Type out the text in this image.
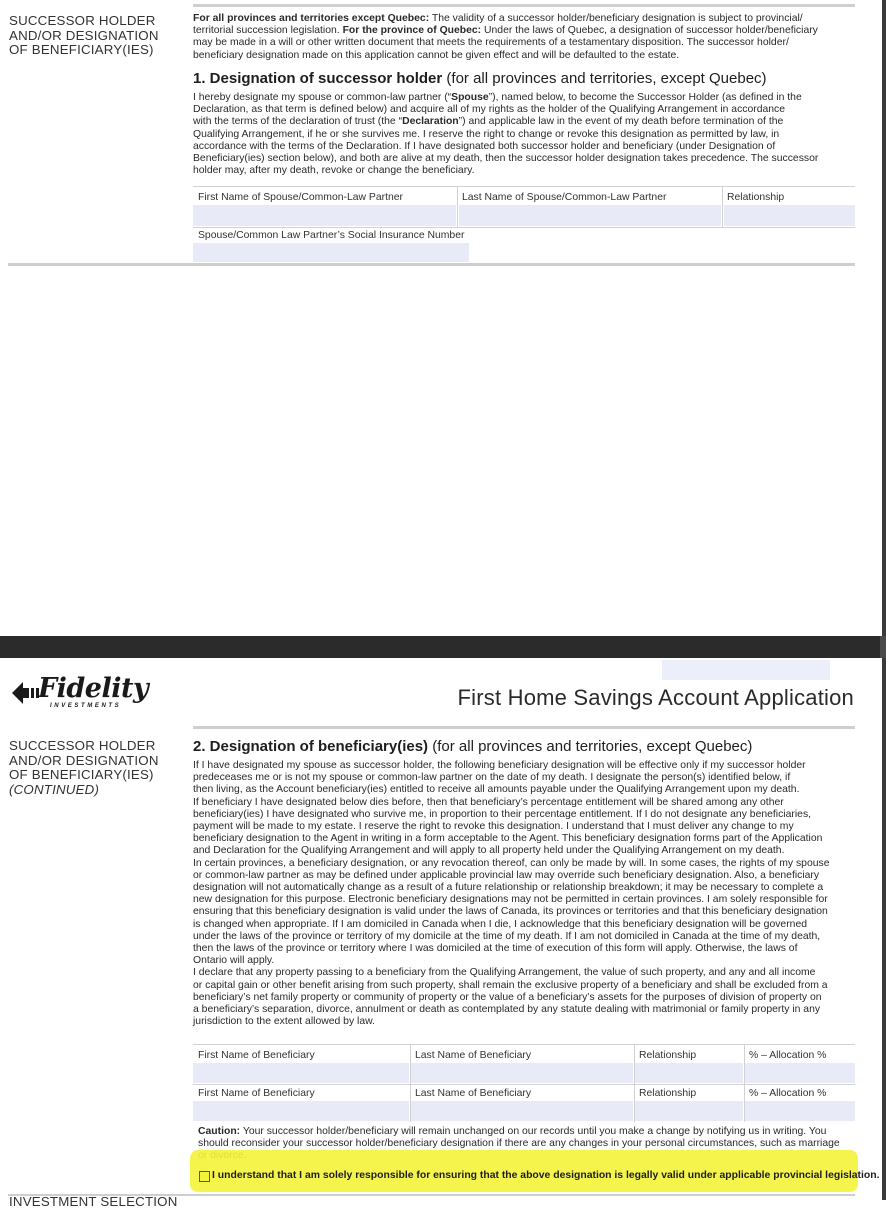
SUCCESSOR HOLDER
AND/OR DESIGNATION
OF BENEFICIARY(IES)
For all provinces and territories except Quebec: The validity of a successor holder/beneficiary designation is subject to provincial/
territorial succession legislation. For the province of Quebec: Under the laws of Quebec, a designation of successor holder/beneficiary
may be made in a will or other written document that meets the requirements of a testamentary disposition. The successor holder/
beneficiary designation made on this application cannot be given effect and will be defaulted to the estate.
1. Designation of successor holder (for all provinces and territories, except Quebec)
I hereby designate my spouse or common-law partner (“Spouse”), named below, to become the Successor Holder (as defined in the
Declaration, as that term is defined below) and acquire all of my rights as the holder of the Qualifying Arrangement in accordance
with the terms of the declaration of trust (the “Declaration”) and applicable law in the event of my death before termination of the
Qualifying Arrangement, if he or she survives me. I reserve the right to change or revoke this designation as permitted by law, in
accordance with the terms of the Declaration. If I have designated both successor holder and beneficiary (under Designation of
Beneficiary(ies) section below), and both are alive at my death, then the successor holder designation takes precedence. The successor
holder may, after my death, revoke or change the beneficiary.
First Name of Spouse/Common-Law Partner	Last Name of Spouse/Common-Law Partner	Relationship
Spouse/Common Law Partner’s Social Insurance Number
Fidelity
INVESTMENTS	First Home Savings Account Application
SUCCESSOR HOLDER
AND/OR DESIGNATION
OF BENEFICIARY(IES)
(CONTINUED)
2. Designation of beneficiary(ies) (for all provinces and territories, except Quebec)
If I have designated my spouse as successor holder, the following beneficiary designation will be effective only if my successor holder
predeceases me or is not my spouse or common-law partner on the date of my death. I designate the person(s) identified below, if
then living, as the Account beneficiary(ies) entitled to receive all amounts payable under the Qualifying Arrangement upon my death.
If beneficiary I have designated below dies before, then that beneficiary’s percentage entitlement will be shared among any other
beneficiary(ies) I have designated who survive me, in proportion to their percentage entitlement. If I do not designate any beneficiaries,
payment will be made to my estate. I reserve the right to revoke this designation. I understand that I must deliver any change to my
beneficiary designation to the Agent in writing in a form acceptable to the Agent. This beneficiary designation forms part of the Application
and Declaration for the Qualifying Arrangement and will apply to all property held under the Qualifying Arrangement on my death.
In certain provinces, a beneficiary designation, or any revocation thereof, can only be made by will. In some cases, the rights of my spouse
or common-law partner as may be defined under applicable provincial law may override such beneficiary designation. Also, a beneficiary
designation will not automatically change as a result of a future relationship or relationship breakdown; it may be necessary to complete a
new designation for this purpose. Electronic beneficiary designations may not be permitted in certain provinces. I am solely responsible for
ensuring that this beneficiary designation is valid under the laws of Canada, its provinces or territories and that this beneficiary designation
is changed when appropriate. If I am domiciled in Canada when I die, I acknowledge that this beneficiary designation will be governed
under the laws of the province or territory of my domicile at the time of my death. If I am not domiciled in Canada at the time of my death,
then the laws of the province or territory where I was domiciled at the time of execution of this form will apply. Otherwise, the laws of
Ontario will apply.
I declare that any property passing to a beneficiary from the Qualifying Arrangement, the value of such property, and any and all income
or capital gain or other benefit arising from such property, shall remain the exclusive property of a beneficiary and shall be excluded from a
beneficiary’s net family property or community of property or the value of a beneficiary’s assets for the purposes of division of property on
a beneficiary’s separation, divorce, annulment or death as contemplated by any statute dealing with matrimonial or family property in any
jurisdiction to the extent allowed by law.
First Name of Beneficiary	Last Name of Beneficiary	Relationship	% – Allocation %
First Name of Beneficiary	Last Name of Beneficiary	Relationship	% – Allocation %
Caution: Your successor holder/beneficiary will remain unchanged on our records until you make a change by notifying us in writing. You
should reconsider your successor holder/beneficiary designation if there are any changes in your personal circumstances, such as marriage
I understand that I am solely responsible for ensuring that the above designation is legally valid under applicable provincial legislation.
INVESTMENT SELECTION
